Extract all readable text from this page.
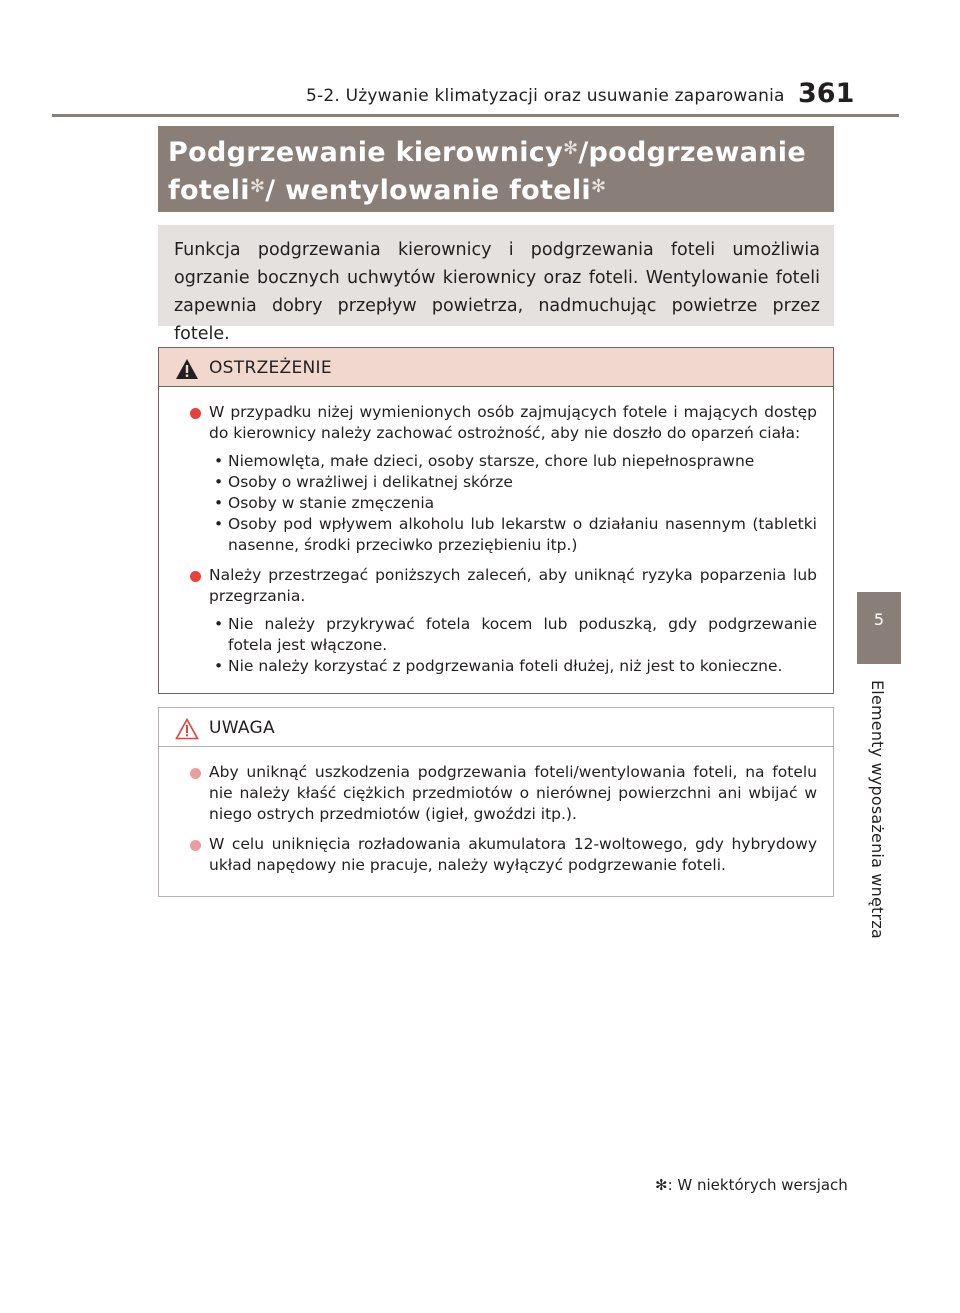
5-2. Używanie klimatyzacji oraz usuwanie zaparowania 361
5
Elementy wyposażenia wnętrza
Podgrzewanie kierownicy✻/podgrzewanie
foteli✻/ wentylowanie foteli✻
Funkcja podgrzewania kierownicy i podgrzewania foteli umożliwia ogrzanie bocznych uchwytów kierownicy oraz foteli. Wentylowanie foteli zapewnia dobry przepływ powietrza, nadmuchując powietrze przez fotele.
OSTRZEŻENIE
W przypadku niżej wymienionych osób zajmujących fotele i mających dostęp do kierownicy należy zachować ostrożność, aby nie doszło do oparzeń ciała:
• Niemowlęta, małe dzieci, osoby starsze, chore lub niepełnosprawne
• Osoby o wrażliwej i delikatnej skórze
• Osoby w stanie zmęczenia
• Osoby pod wpływem alkoholu lub lekarstw o działaniu nasennym (tabletki nasenne, środki przeciwko przeziębieniu itp.)
Należy przestrzegać poniższych zaleceń, aby uniknąć ryzyka poparzenia lub przegrzania.
• Nie należy przykrywać fotela kocem lub poduszką, gdy podgrzewanie fotela jest włączone.
• Nie należy korzystać z podgrzewania foteli dłużej, niż jest to konieczne.
UWAGA
Aby uniknąć uszkodzenia podgrzewania foteli/wentylowania foteli, na fotelu nie należy kłaść ciężkich przedmiotów o nierównej powierzchni ani wbijać w niego ostrych przedmiotów (igieł, gwoździ itp.).
W celu uniknięcia rozładowania akumulatora 12-woltowego, gdy hybrydowy układ napędowy nie pracuje, należy wyłączyć podgrzewanie foteli.
✻: W niektórych wersjach
